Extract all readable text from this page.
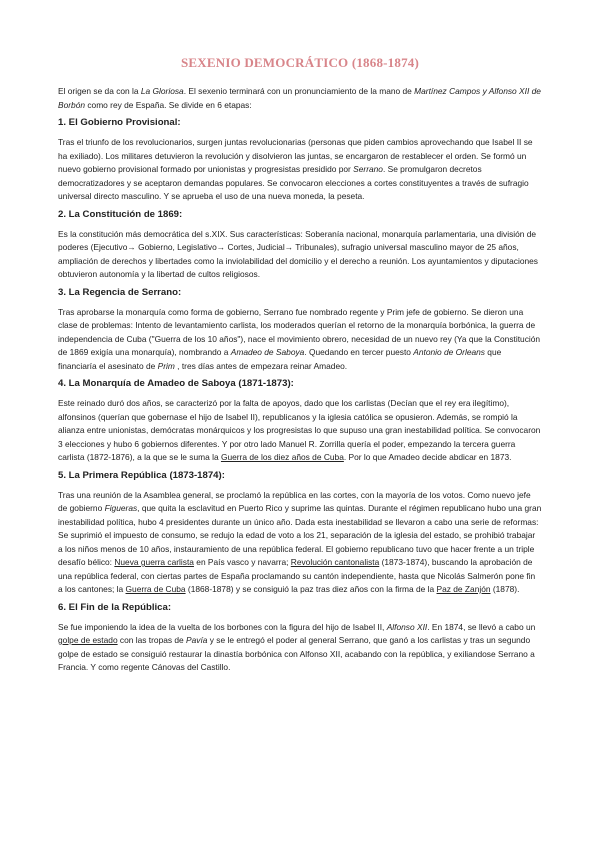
SEXENIO DEMOCRÁTICO (1868-1874)

El origen se da con la La Gloriosa. El sexenio terminará con un pronunciamiento de la mano de Martínez Campos y Alfonso XII de Borbón como rey de España. Se divide en 6 etapas:

1. El Gobierno Provisional:

Tras el triunfo de los revolucionarios, surgen juntas revolucionarias (personas que piden cambios aprovechando que Isabel II se ha exiliado). Los militares detuvieron la revolución y disolvieron las juntas, se encargaron de restablecer el orden. Se formó un nuevo gobierno provisional formado por unionistas y progresistas presidido por Serrano. Se promulgaron decretos democratizadores y se aceptaron demandas populares. Se convocaron elecciones a cortes constituyentes a través de sufragio universal directo masculino. Y se aprueba el uso de una nueva moneda, la peseta.

2. La Constitución de 1869:

Es la constitución más democrática del s.XIX. Sus características: Soberanía nacional, monarquía parlamentaria, una división de poderes (Ejecutivo→ Gobierno, Legislativo→ Cortes, Judicial→ Tribunales), sufragio universal masculino mayor de 25 años, ampliación de derechos y libertades como la inviolabilidad del domicilio y el derecho a reunión. Los ayuntamientos y diputaciones obtuvieron autonomía y la libertad de cultos religiosos.

3. La Regencia de Serrano:

Tras aprobarse la monarquía como forma de gobierno, Serrano fue nombrado regente y Prim jefe de gobierno. Se dieron una clase de problemas: Intento de levantamiento carlista, los moderados querían el retorno de la monarquía borbónica, la guerra de independencia de Cuba ("Guerra de los 10 años"), nace el movimiento obrero, necesidad de un nuevo rey (Ya que la Constitución de 1869 exigía una monarquía), nombrando a Amadeo de Saboya. Quedando en tercer puesto Antonio de Orleans que financiaría el asesinato de Prim , tres días antes de empezara reinar Amadeo.

4. La Monarquía de Amadeo de Saboya (1871-1873):

Este reinado duró dos años, se caracterizó por la falta de apoyos, dado que los carlistas (Decían que el rey era ilegítimo), alfonsinos (querían que gobernase el hijo de Isabel II), republicanos y la iglesia católica se opusieron. Además, se rompió la alianza entre unionistas, demócratas monárquicos y los progresistas lo que supuso una gran inestabilidad política. Se convocaron 3 elecciones y hubo 6 gobiernos diferentes. Y por otro lado Manuel R. Zorrilla quería el poder, empezando la tercera guerra carlista (1872-1876), a la que se le suma la Guerra de los diez años de Cuba. Por lo que Amadeo decide abdicar en 1873.

5. La Primera República (1873-1874):

Tras una reunión de la Asamblea general, se proclamó la república en las cortes, con la mayoría de los votos. Como nuevo jefe de gobierno Figueras, que quita la esclavitud en Puerto Rico y suprime las quintas. Durante el régimen republicano hubo una gran inestabilidad política, hubo 4 presidentes durante un único año. Dada esta inestabilidad se llevaron a cabo una serie de reformas: Se suprimió el impuesto de consumo, se redujo la edad de voto a los 21, separación de la iglesia del estado, se prohibió trabajar a los niños menos de 10 años, instauramiento de una república federal. El gobierno republicano tuvo que hacer frente a un triple desafío bélico: Nueva guerra carlista en País vasco y navarra; Revolución cantonalista (1873-1874), buscando la aprobación de una república federal, con ciertas partes de España proclamando su cantón independiente, hasta que Nicolás Salmerón pone fin a los cantones; la Guerra de Cuba (1868-1878) y se consiguió la paz tras diez años con la firma de la Paz de Zanjón (1878).

6. El Fin de la República:

Se fue imponiendo la idea de la vuelta de los borbones con la figura del hijo de Isabel II, Alfonso XII. En 1874, se llevó a cabo un golpe de estado con las tropas de Pavía y se le entregó el poder al general Serrano, que ganó a los carlistas y tras un segundo golpe de estado se consiguió restaurar la dinastía borbónica con Alfonso XII, acabando con la república, y exiliandose Serrano a Francia. Y como regente Cánovas del Castillo.
